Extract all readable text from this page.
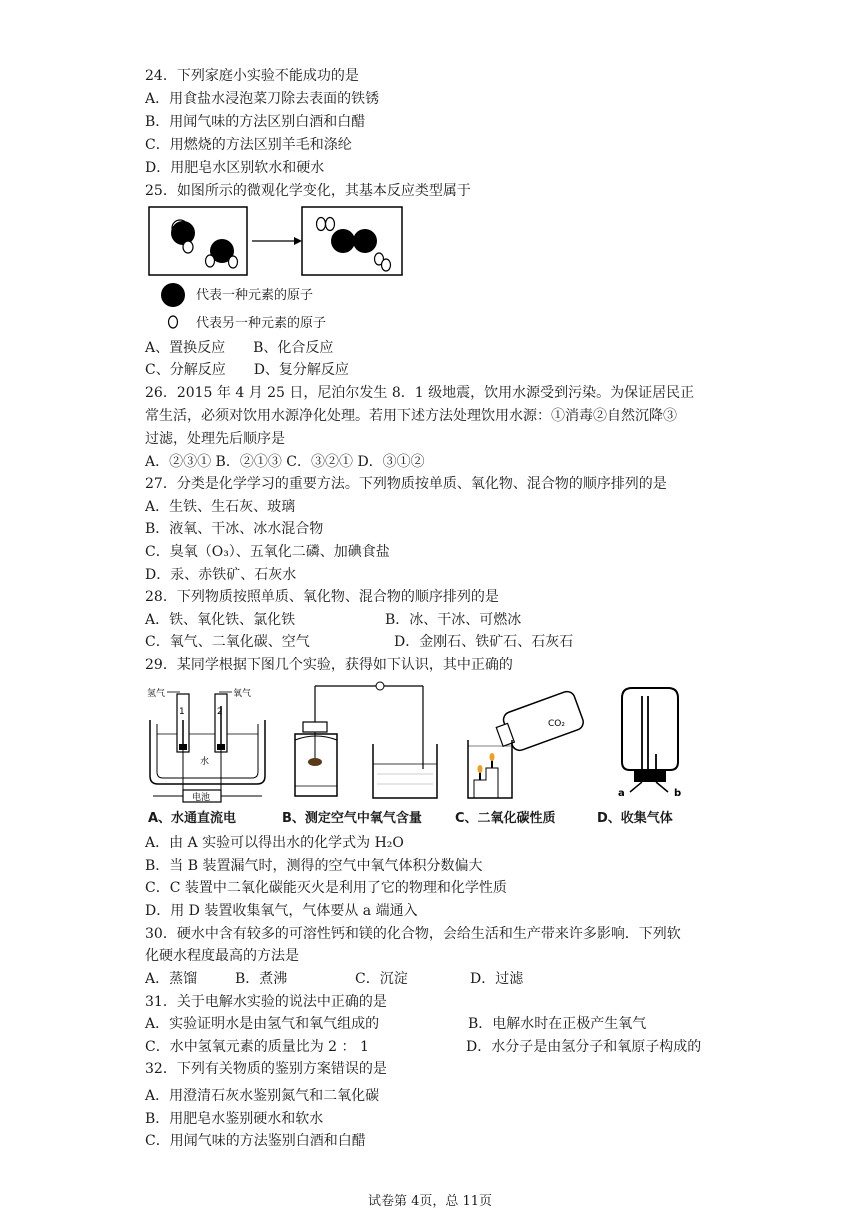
24．下列家庭小实验不能成功的是
A．用食盐水浸泡菜刀除去表面的铁锈
B．用闻气味的方法区别白酒和白醋
C．用燃烧的方法区别羊毛和涤纶
D．用肥皂水区别软水和硬水
25．如图所示的微观化学变化，其基本反应类型属于
代表一种元素的原子
代表另一种元素的原子
A、置换反应　　B、化合反应
C、分解反应　　D、复分解反应
26．2015 年 4 月 25 日，尼泊尔发生 8．1 级地震，饮用水源受到污染。为保证居民正
常生活，必须对饮用水源净化处理。若用下述方法处理饮用水源：①消毒②自然沉降③
过滤，处理先后顺序是
A．②③① B．②①③ C．③②① D．③①②
27．分类是化学学习的重要方法。下列物质按单质、氧化物、混合物的顺序排列的是
A．生铁、生石灰、玻璃
B．液氧、干冰、冰水混合物
C．臭氧（O₃）、五氧化二磷、加碘食盐
D．汞、赤铁矿、石灰水
28．下列物质按照单质、氧化物、混合物的顺序排列的是
A．铁、氧化铁、氯化铁	B．冰、干冰、可燃冰
C．氧气、二氧化碳、空气	D．金刚石、铁矿石、石灰石
29．某同学根据下图几个实验，获得如下认识，其中正确的
氢气	氧气
1	2
水
电池
CO₂
a	b
A、水通直流电	B、测定空气中氧气含量	C、二氧化碳性质	D、收集气体
A．由 A 实验可以得出水的化学式为 H₂O
B．当 B 装置漏气时，测得的空气中氧气体积分数偏大
C．C 装置中二氧化碳能灭火是利用了它的物理和化学性质
D．用 D 装置收集氧气，气体要从 a 端通入
30．硬水中含有较多的可溶性钙和镁的化合物，会给生活和生产带来许多影响．下列软
化硬水程度最高的方法是
A．蒸馏	B．煮沸	C．沉淀	D．过滤
31．关于电解水实验的说法中正确的是
A．实验证明水是由氢气和氧气组成的	B．电解水时在正极产生氧气
C．水中氢氧元素的质量比为 2 ： 1	D．水分子是由氢分子和氧原子构成的
32．下列有关物质的鉴别方案错误的是
A．用澄清石灰水鉴别氮气和二氧化碳
B．用肥皂水鉴别硬水和软水
C．用闻气味的方法鉴别白酒和白醋
试卷第 4页，总 11页
